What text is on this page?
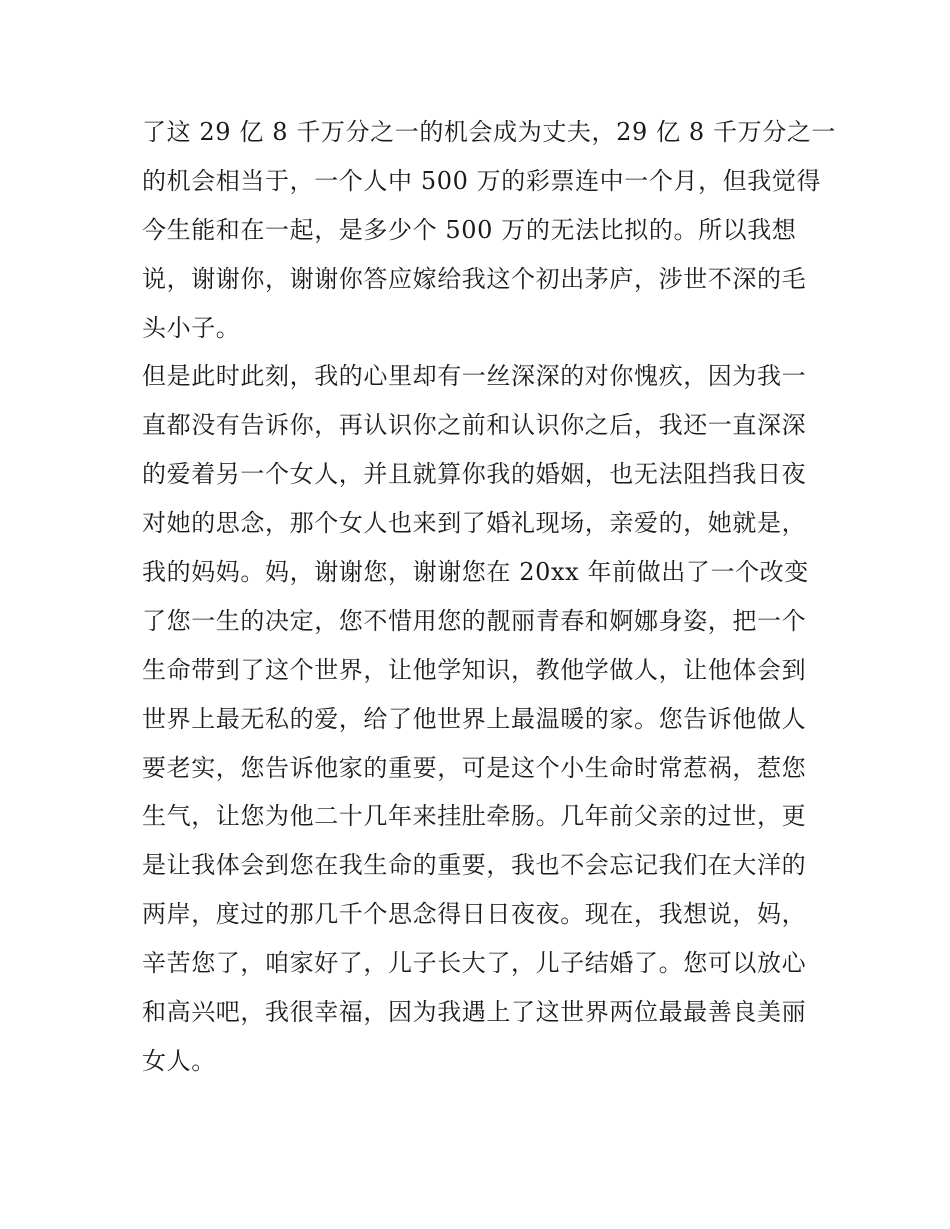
了这 29 亿 8 千万分之一的机会成为丈夫，29 亿 8 千万分之一
的机会相当于，一个人中 500 万的彩票连中一个月，但我觉得
今生能和在一起，是多少个 500 万的无法比拟的。所以我想
说，谢谢你，谢谢你答应嫁给我这个初出茅庐，涉世不深的毛
头小子。
但是此时此刻，我的心里却有一丝深深的对你愧疚，因为我一
直都没有告诉你，再认识你之前和认识你之后，我还一直深深
的爱着另一个女人，并且就算你我的婚姻，也无法阻挡我日夜
对她的思念，那个女人也来到了婚礼现场，亲爱的，她就是，
我的妈妈。妈，谢谢您，谢谢您在 20xx 年前做出了一个改变
了您一生的决定，您不惜用您的靓丽青春和婀娜身姿，把一个
生命带到了这个世界，让他学知识，教他学做人，让他体会到
世界上最无私的爱，给了他世界上最温暖的家。您告诉他做人
要老实，您告诉他家的重要，可是这个小生命时常惹祸，惹您
生气，让您为他二十几年来挂肚牵肠。几年前父亲的过世，更
是让我体会到您在我生命的重要，我也不会忘记我们在大洋的
两岸，度过的那几千个思念得日日夜夜。现在，我想说，妈，
辛苦您了，咱家好了，儿子长大了，儿子结婚了。您可以放心
和高兴吧，我很幸福，因为我遇上了这世界两位最最善良美丽
女人。
